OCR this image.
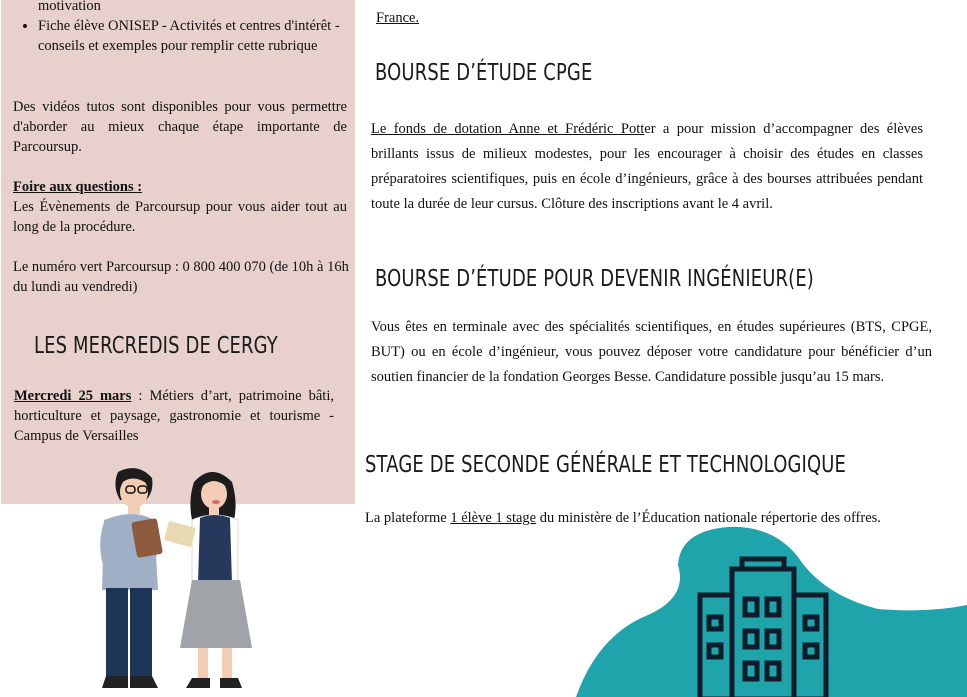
motivation
• Fiche élève ONISEP - Activités et centres d'intérêt -conseils et exemples pour remplir cette rubrique
Des vidéos tutos sont disponibles pour vous permettre d'aborder au mieux chaque étape importante de Parcoursup.
Foire aux questions :
Les Évènements de Parcoursup pour vous aider tout au long de la procédure.
Le numéro vert Parcoursup : 0 800 400 070 (de 10h à 16h du lundi au vendredi)
LES MERCREDIS DE CERGY
Mercredi 25 mars : Métiers d’art, patrimoine bâti, horticulture et paysage, gastronomie et tourisme - Campus de Versailles
France.
BOURSE D’ÉTUDE CPGE
Le fonds de dotation Anne et Frédéric Potter a pour mission d’accompagner des élèves brillants issus de milieux modestes, pour les encourager à choisir des études en classes préparatoires scientifiques, puis en école d’ingénieurs, grâce à des bourses attribuées pendant toute la durée de leur cursus. Clôture des inscriptions avant le 4 avril.
BOURSE D’ÉTUDE POUR DEVENIR INGÉNIEUR(E)
Vous êtes en terminale avec des spécialités scientifiques, en études supérieures (BTS, CPGE, BUT) ou en école d’ingénieur, vous pouvez déposer votre candidature pour bénéficier d’un soutien financier de la fondation Georges Besse. Candidature possible jusqu’au 15 mars.
STAGE DE SECONDE GÉNÉRALE ET TECHNOLOGIQUE
La plateforme 1 élève 1 stage du ministère de l’Éducation nationale répertorie des offres.
